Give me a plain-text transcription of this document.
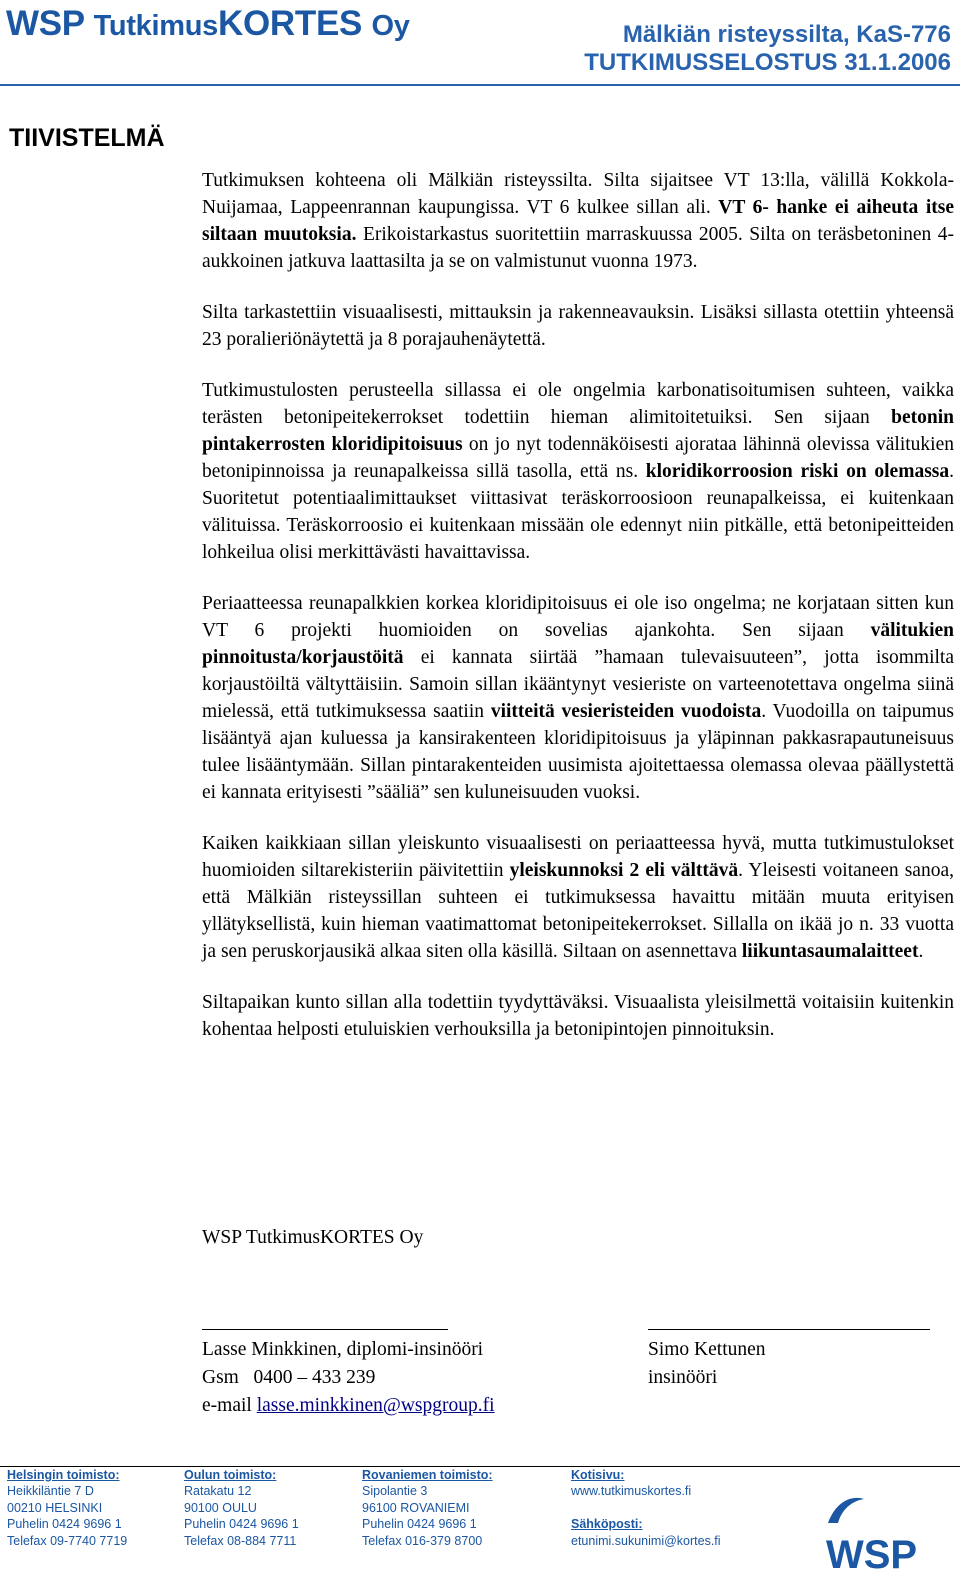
WSP TutkimusKORTES Oy	Mälkiän risteyssilta, KaS-776
TUTKIMUSSELOSTUS 31.1.2006
TIIVISTELMÄ

Tutkimuksen kohteena oli Mälkiän risteyssilta. Silta sijaitsee VT 13:lla, välillä Kokkola- Nuijamaa, Lappeenrannan kaupungissa. VT 6 kulkee sillan ali. VT 6- hanke ei aiheuta itse siltaan muutoksia. Erikoistarkastus suoritettiin marraskuussa 2005. Silta on teräsbetoninen 4-aukkoinen jatkuva laattasilta ja se on valmistunut vuonna 1973.

Silta tarkastettiin visuaalisesti, mittauksin ja rakenneavauksin. Lisäksi sillasta otettiin yhteensä 23 poralieriönäytettä ja 8 porajauhenäytettä.

Tutkimustulosten perusteella sillassa ei ole ongelmia karbonatisoitumisen suhteen, vaikka terästen betonipeitekerrokset todettiin hieman alimitoitetuiksi. Sen sijaan betonin pintakerrosten kloridipitoisuus on jo nyt todennäköisesti ajorataa lähinnä olevissa välitukien betonipinnoissa ja reunapalkeissa sillä tasolla, että ns. kloridikorroosion riski on olemassa. Suoritetut potentiaalimittaukset viittasivat teräskorroosioon reunapalkeissa, ei kuitenkaan välituissa. Teräskorroosio ei kuitenkaan missään ole edennyt niin pitkälle, että betonipeitteiden lohkeilua olisi merkittävästi havaittavissa.

Periaatteessa reunapalkkien korkea kloridipitoisuus ei ole iso ongelma; ne korjataan sitten kun VT 6 projekti huomioiden on sovelias ajankohta. Sen sijaan välitukien pinnoitusta/korjaustöitä ei kannata siirtää ”hamaan tulevaisuuteen”, jotta isommilta korjaustöiltä vältyttäisiin. Samoin sillan ikääntynyt vesieriste on varteenotettava ongelma siinä mielessä, että tutkimuksessa saatiin viitteitä vesieristeiden vuodoista. Vuodoilla on taipumus lisääntyä ajan kuluessa ja kansirakenteen kloridipitoisuus ja yläpinnan pakkasrapautuneisuus tulee lisääntymään. Sillan pintarakenteiden uusimista ajoitettaessa olemassa olevaa päällystettä ei kannata erityisesti ”sääliä” sen kuluneisuuden vuoksi.

Kaiken kaikkiaan sillan yleiskunto visuaalisesti on periaatteessa hyvä, mutta tutkimustulokset huomioiden siltarekisteriin päivitettiin yleiskunnoksi 2 eli välttävä. Yleisesti voitaneen sanoa, että Mälkiän risteyssillan suhteen ei tutkimuksessa havaittu mitään muuta erityisen yllätyksellistä, kuin hieman vaatimattomat betonipeitekerrokset. Sillalla on ikää jo n. 33 vuotta ja sen peruskorjausikä alkaa siten olla käsillä. Siltaan on asennettava liikuntasaumalaitteet.

Siltapaikan kunto sillan alla todettiin tyydyttäväksi. Visuaalista yleisilmettä voitaisiin kuitenkin kohentaa helposti etuluiskien verhouksilla ja betonipintojen pinnoituksin.

WSP TutkimusKORTES Oy
Lasse Minkkinen, diplomi-insinööri
Gsm   0400 – 433 239
e-mail lasse.minkkinen@wspgroup.fi
Simo Kettunen
insinööri
Helsingin toimisto:
Heikkiläntie 7 D
00210 HELSINKI
Puhelin 0424 9696 1
Telefax 09-7740 7719
Oulun toimisto:
Ratakatu 12
90100 OULU
Puhelin 0424 9696 1
Telefax 08-884 7711
Rovaniemen toimisto:
Sipolantie 3
96100 ROVANIEMI
Puhelin 0424 9696 1
Telefax 016-379 8700
Kotisivu:
www.tutkimuskortes.fi
Sähköposti:
etunimi.sukunimi@kortes.fi	WSP
